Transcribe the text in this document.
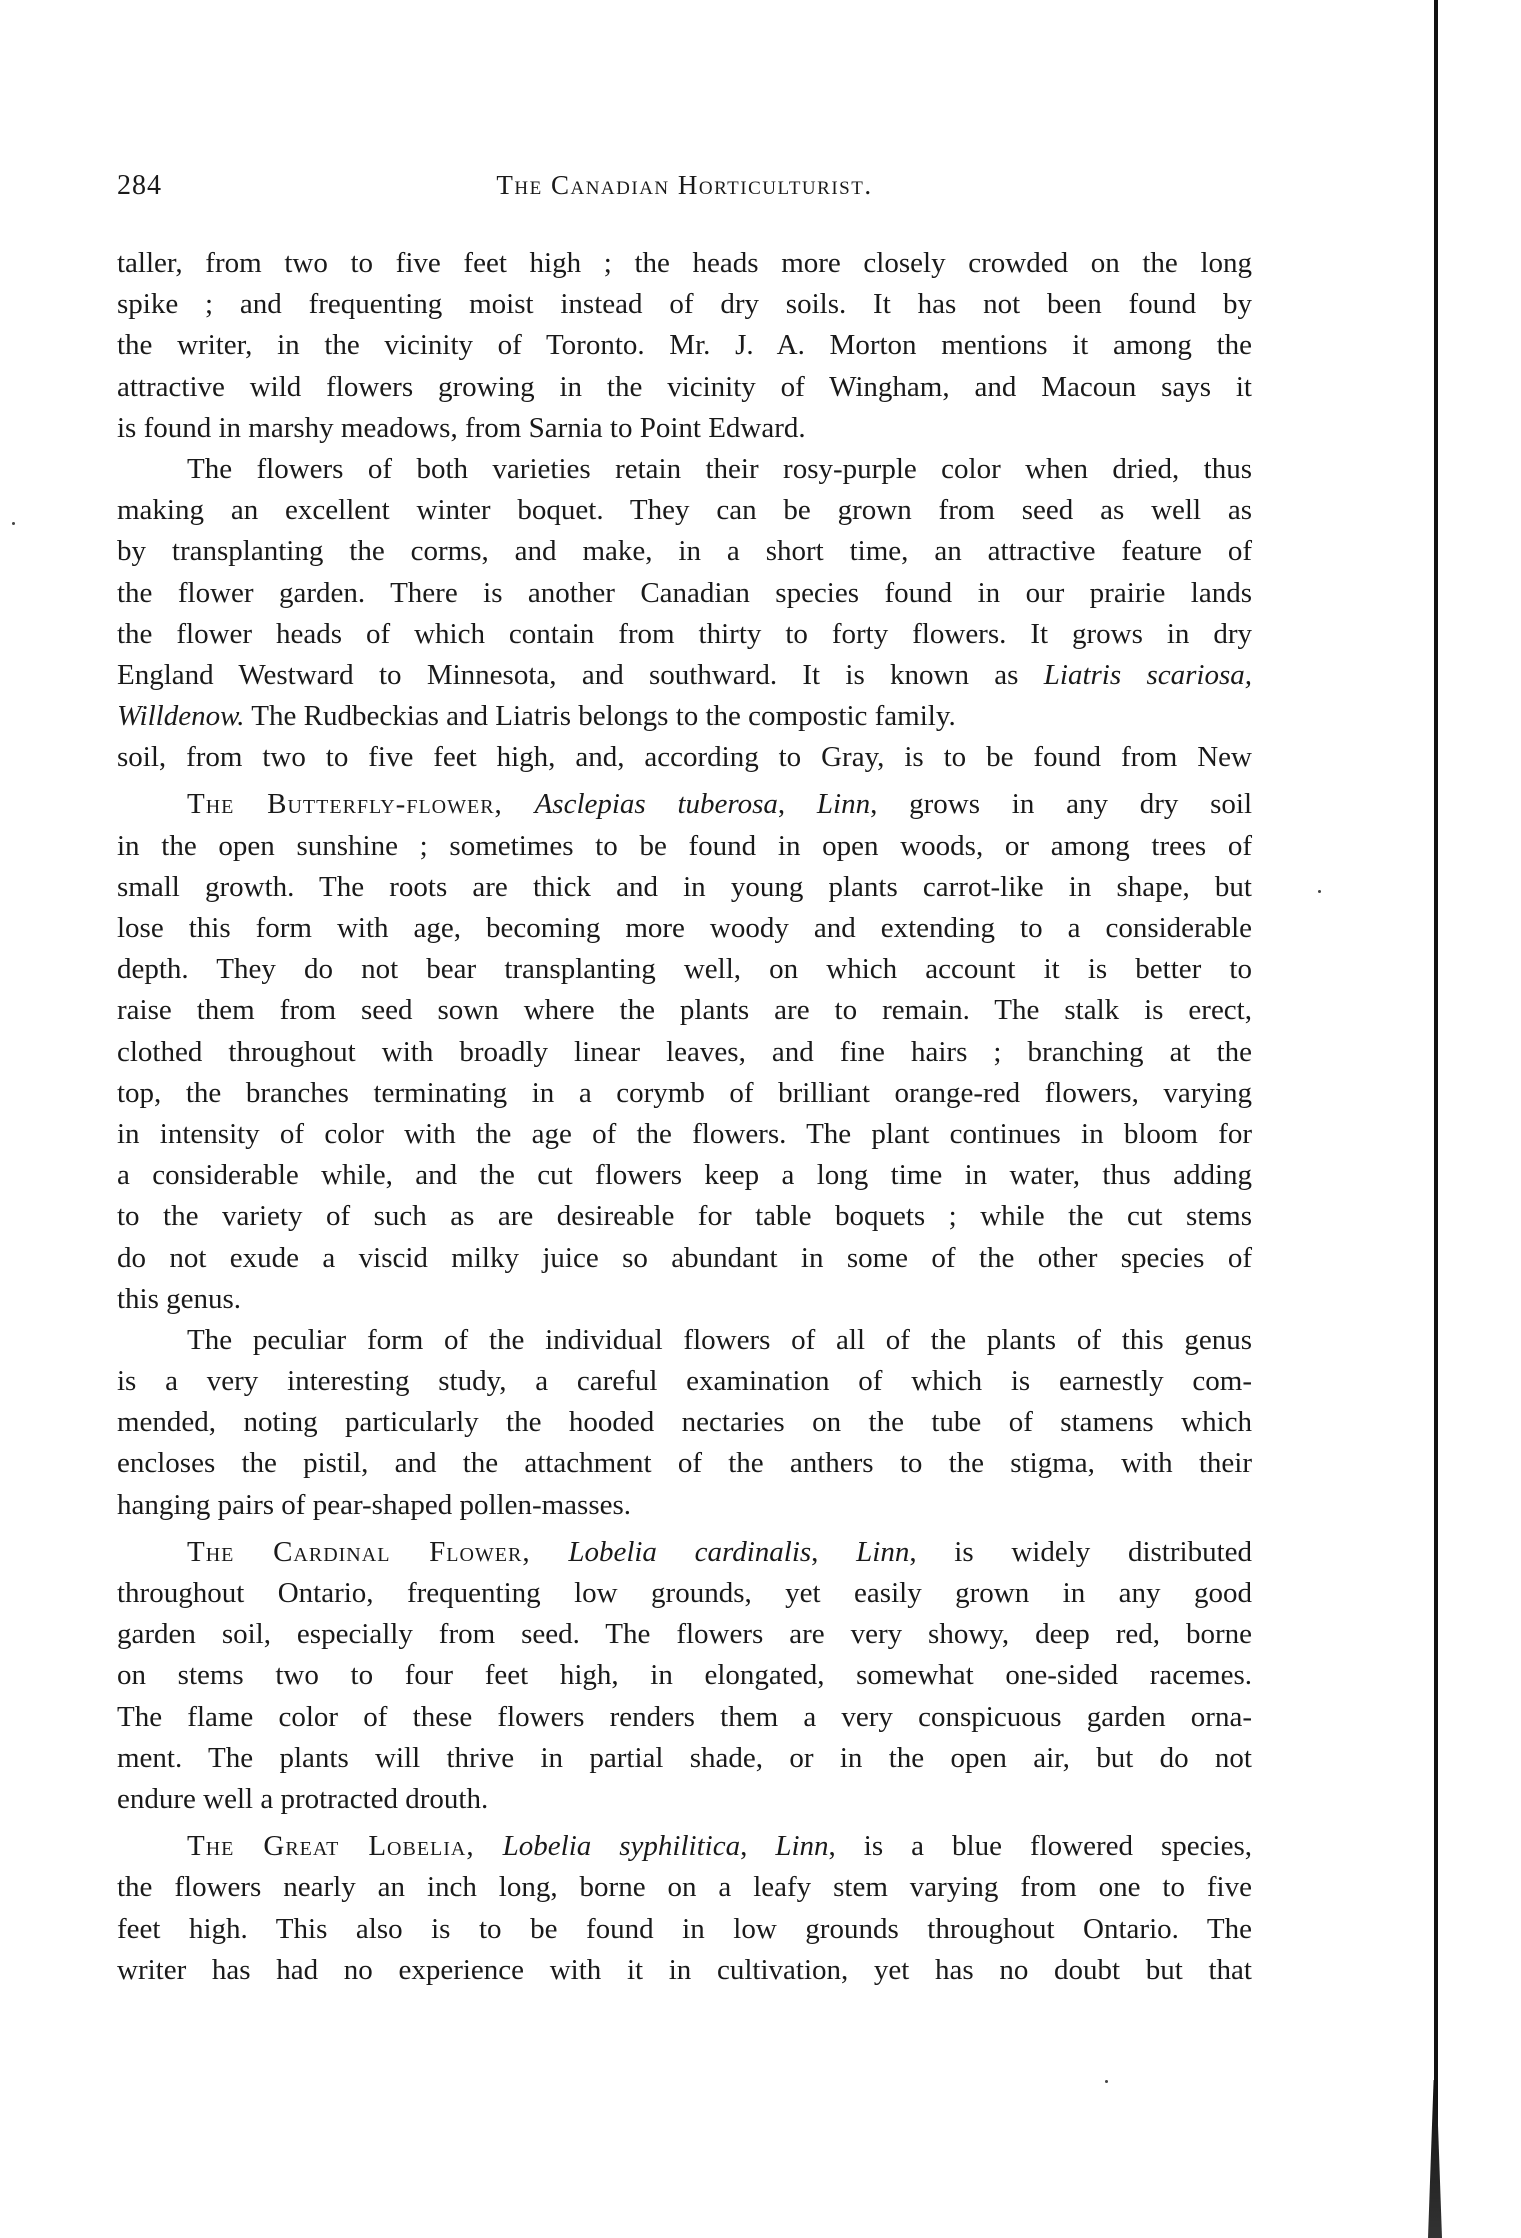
284	The Canadian Horticulturist.
taller, from two to five feet high ; the heads more closely crowded on the long
spike ; and frequenting moist instead of dry soils. It has not been found by
the writer, in the vicinity of Toronto. Mr. J. A. Morton mentions it among the
attractive wild flowers growing in the vicinity of Wingham, and Macoun says it
is found in marshy meadows, from Sarnia to Point Edward.
The flowers of both varieties retain their rosy-purple color when dried, thus
making an excellent winter boquet. They can be grown from seed as well as
by transplanting the corms, and make, in a short time, an attractive feature of
the flower garden. There is another Canadian species found in our prairie lands
the flower heads of which contain from thirty to forty flowers. It grows in dry
England Westward to Minnesota, and southward. It is known as Liatris scariosa,
Willdenow. The Rudbeckias and Liatris belongs to the compostic family.
soil, from two to five feet high, and, according to Gray, is to be found from New
The Butterfly-flower, Asclepias tuberosa, Linn, grows in any dry soil
in the open sunshine ; sometimes to be found in open woods, or among trees of
small growth. The roots are thick and in young plants carrot-like in shape, but
lose this form with age, becoming more woody and extending to a considerable
depth. They do not bear transplanting well, on which account it is better to
raise them from seed sown where the plants are to remain. The stalk is erect,
clothed throughout with broadly linear leaves, and fine hairs ; branching at the
top, the branches terminating in a corymb of brilliant orange-red flowers, varying
in intensity of color with the age of the flowers. The plant continues in bloom for
a considerable while, and the cut flowers keep a long time in water, thus adding
to the variety of such as are desireable for table boquets ; while the cut stems
do not exude a viscid milky juice so abundant in some of the other species of
this genus.
The peculiar form of the individual flowers of all of the plants of this genus
is a very interesting study, a careful examination of which is earnestly com-
mended, noting particularly the hooded nectaries on the tube of stamens which
encloses the pistil, and the attachment of the anthers to the stigma, with their
hanging pairs of pear-shaped pollen-masses.
The Cardinal Flower, Lobelia cardinalis, Linn, is widely distributed
throughout Ontario, frequenting low grounds, yet easily grown in any good
garden soil, especially from seed. The flowers are very showy, deep red, borne
on stems two to four feet high, in elongated, somewhat one-sided racemes.
The flame color of these flowers renders them a very conspicuous garden orna-
ment. The plants will thrive in partial shade, or in the open air, but do not
endure well a protracted drouth.
The Great Lobelia, Lobelia syphilitica, Linn, is a blue flowered species,
the flowers nearly an inch long, borne on a leafy stem varying from one to five
feet high. This also is to be found in low grounds throughout Ontario. The
writer has had no experience with it in cultivation, yet has no doubt but that
